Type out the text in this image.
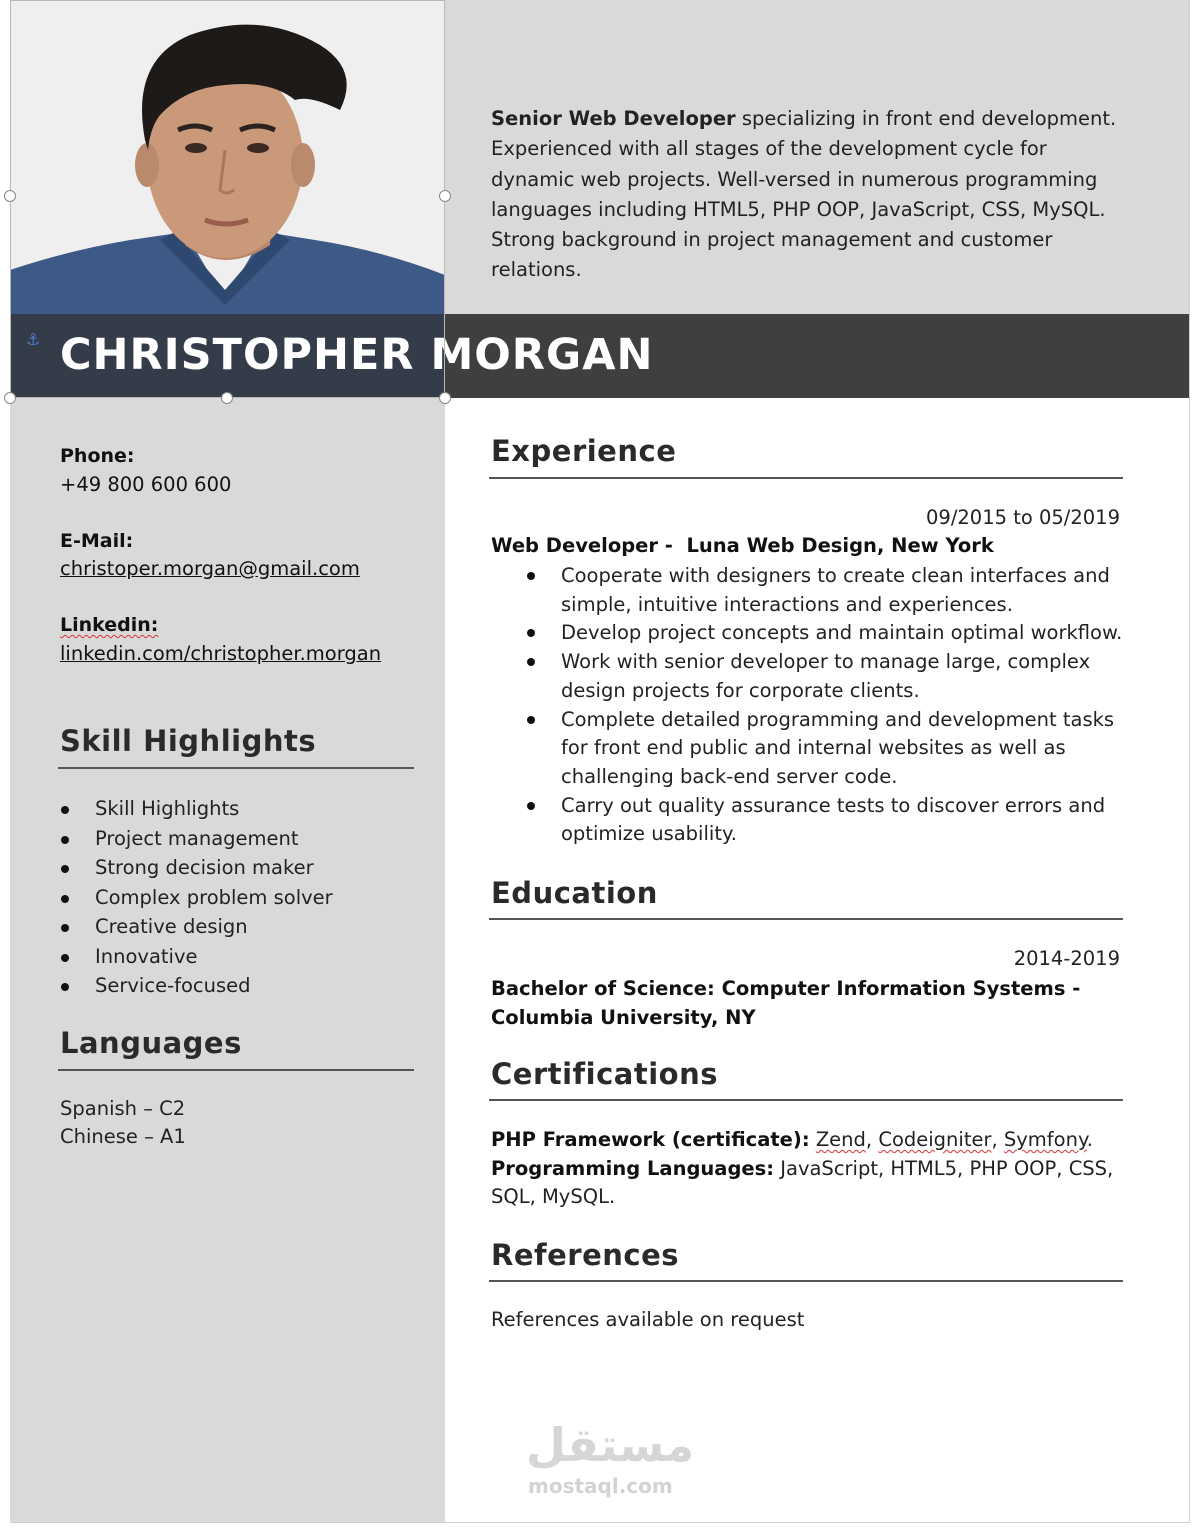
⚓ CHRISTOPHER MORGAN
Senior Web Developer specializing in front end development. Experienced with all stages of the development cycle for dynamic web projects. Well-versed in numerous programming languages including HTML5, PHP OOP, JavaScript, CSS, MySQL. Strong background in project management and customer relations.
Phone:
+49 800 600 600
E-Mail:
christoper.morgan@gmail.com
Linkedin:
linkedin.com/christopher.morgan
Skill Highlights
Skill Highlights
Project management
Strong decision maker
Complex problem solver
Creative design
Innovative
Service-focused
Languages
Spanish – C2
Chinese – A1
Experience
09/2015 to 05/2019
Web Developer -  Luna Web Design, New York
Cooperate with designers to create clean interfaces and simple, intuitive interactions and experiences.
Develop project concepts and maintain optimal workflow.
Work with senior developer to manage large, complex design projects for corporate clients.
Complete detailed programming and development tasks for front end public and internal websites as well as challenging back-end server code.
Carry out quality assurance tests to discover errors and optimize usability.
Education
2014-2019
Bachelor of Science: Computer Information Systems -
Columbia University, NY
Certifications
PHP Framework (certificate): Zend, Codeigniter, Symfony.
Programming Languages: JavaScript, HTML5, PHP OOP, CSS, SQL, MySQL.
References
References available on request
مستقل
mostaql.com
